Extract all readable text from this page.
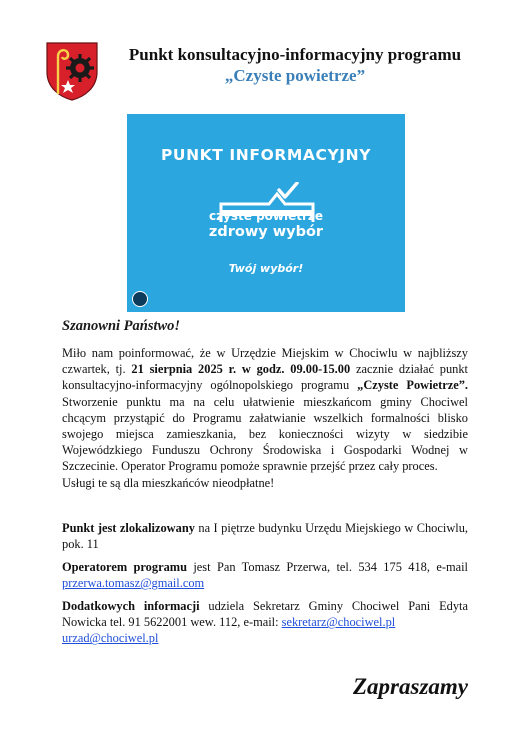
Punkt konsultacyjno-informacyjny programu
„Czyste powietrze”
PUNKT INFORMACYJNY
czyste powietrze
zdrowy wybór
Twój wybór!
Szanowni Państwo!
Miło nam poinformować, że w Urzędzie Miejskim w Chociwlu w najbliższy czwartek, tj. 21 sierpnia 2025 r. w godz. 09.00-15.00 zacznie działać punkt konsultacyjno-informacyjny ogólnopolskiego programu „Czyste Powietrze”. Stworzenie punktu ma na celu ułatwienie mieszkańcom gminy Chociwel chcącym przystąpić do Programu załatwianie wszelkich formalności blisko swojego miejsca zamieszkania, bez konieczności wizyty w siedzibie Wojewódzkiego Funduszu Ochrony Środowiska i Gospodarki Wodnej w Szczecinie. Operator Programu pomoże sprawnie przejść przez cały proces.
Usługi te są dla mieszkańców nieodpłatne!
Punkt jest zlokalizowany na I piętrze budynku Urzędu Miejskiego w Chociwlu, pok. 11
Operatorem programu jest Pan Tomasz Przerwa, tel. 534 175 418, e-mail przerwa.tomasz@gmail.com
Dodatkowych informacji udziela Sekretarz Gminy Chociwel Pani Edyta Nowicka tel. 91 5622001 wew. 112, e-mail: sekretarz@chociwel.pl
urzad@chociwel.pl
Zapraszamy
